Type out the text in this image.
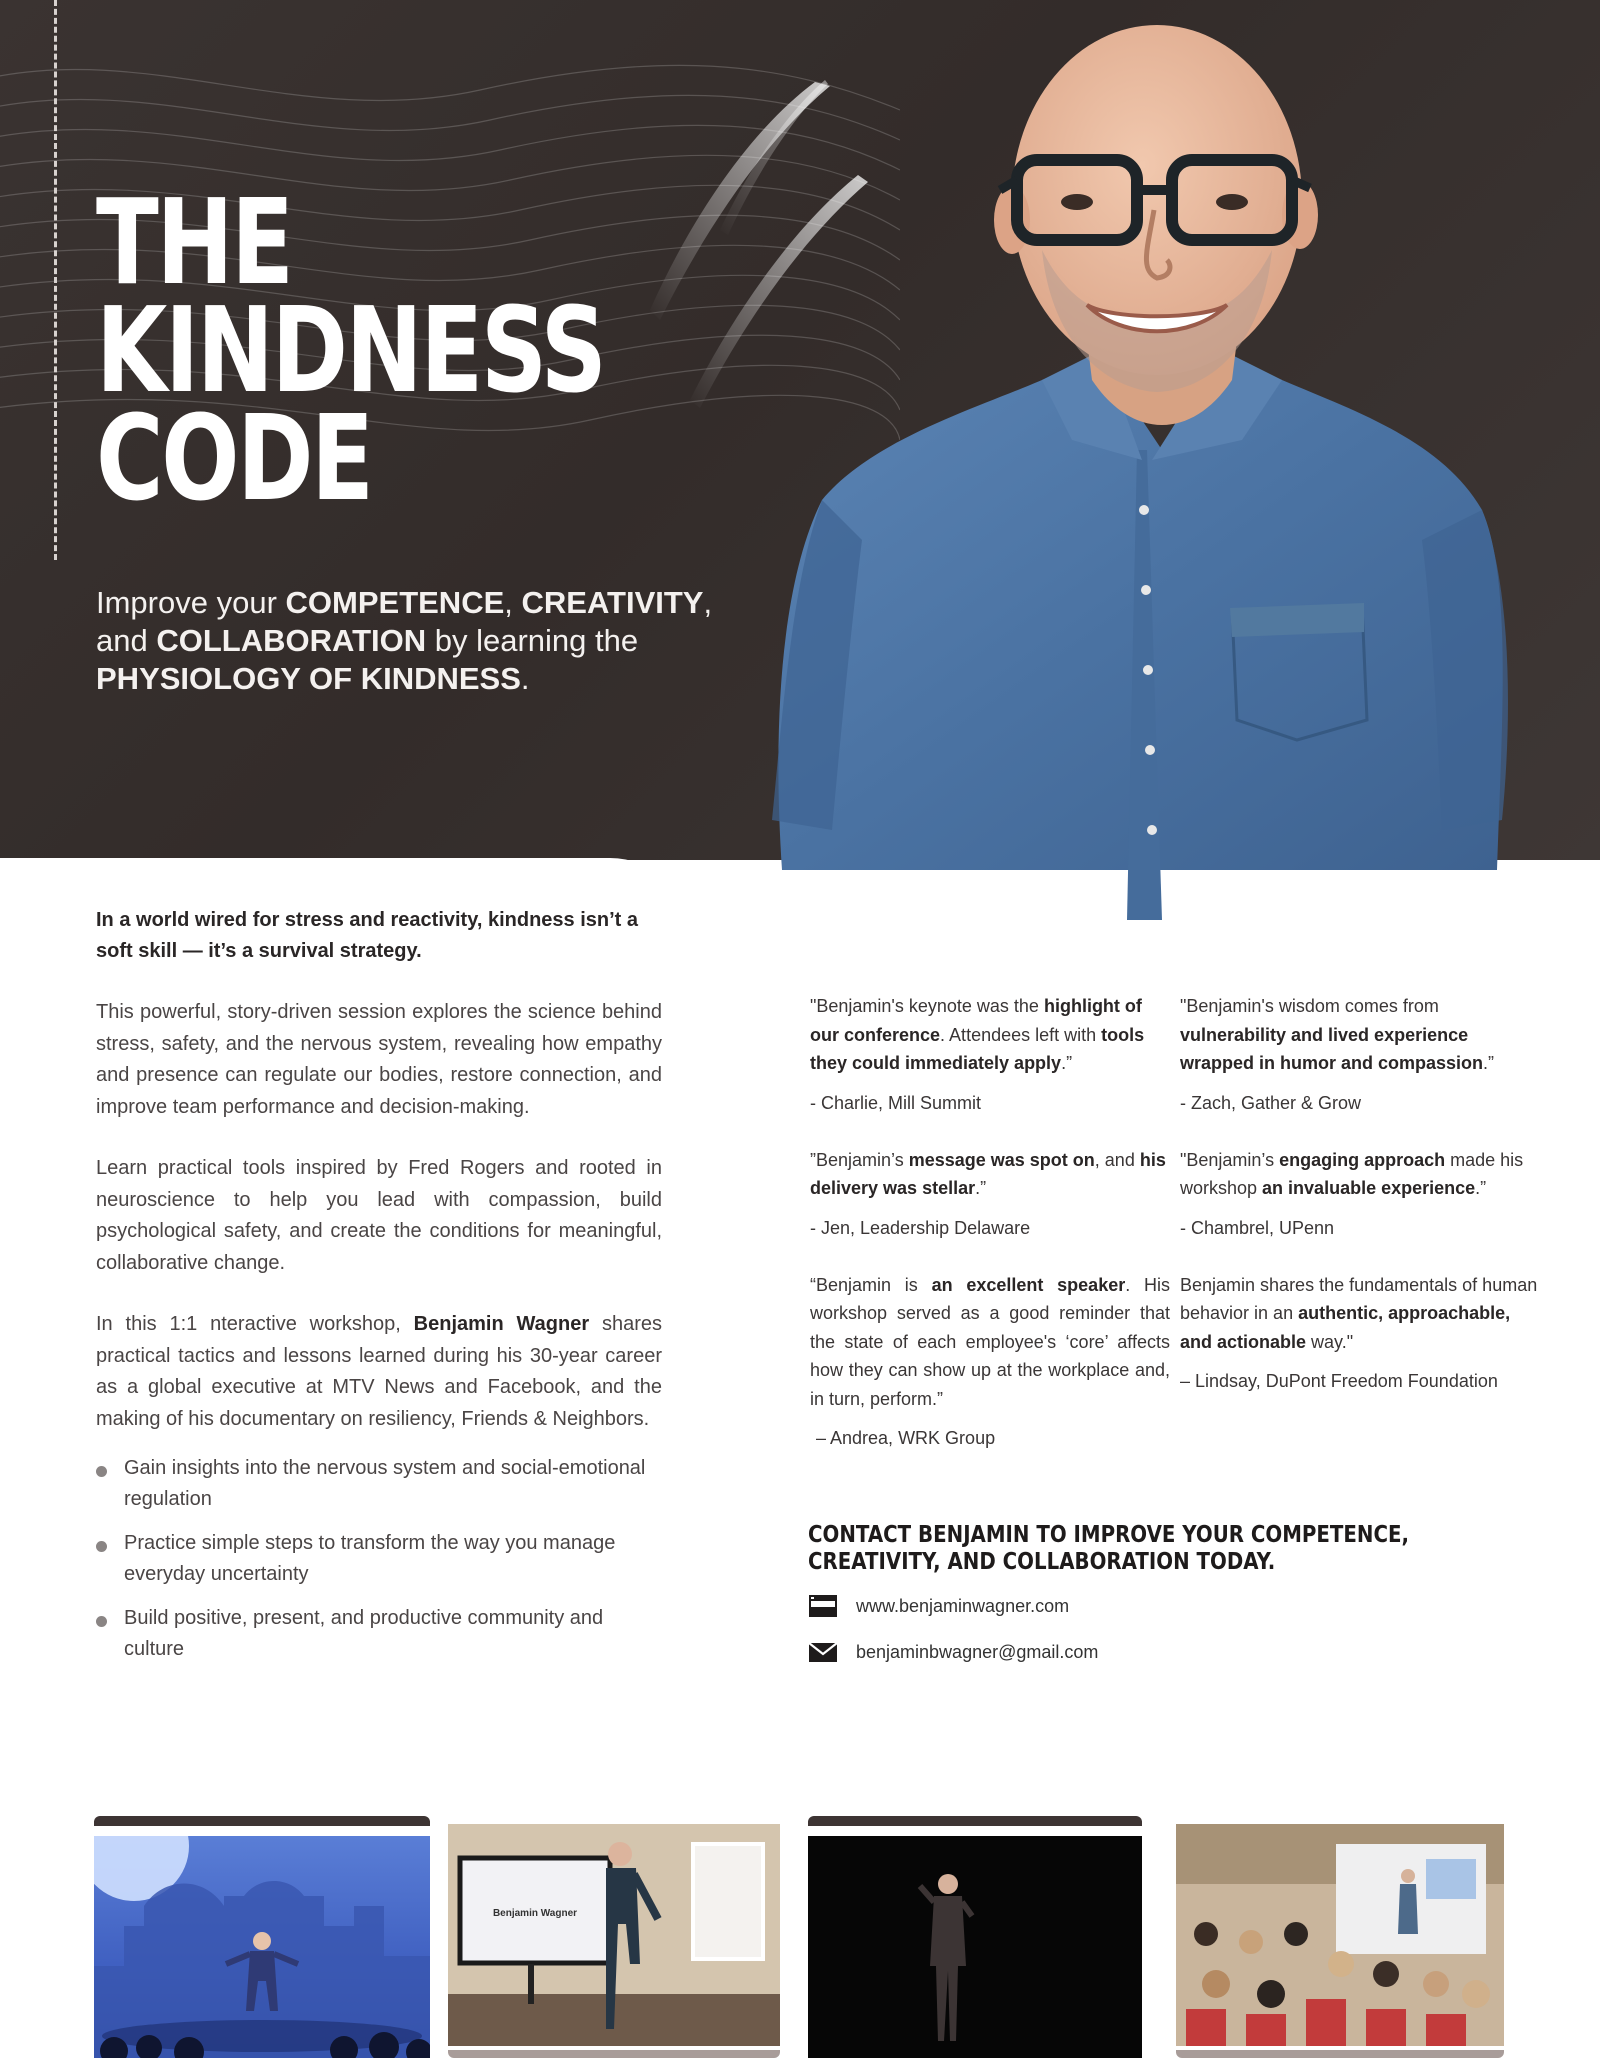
THE
KINDNESS
CODE
Improve your COMPETENCE, CREATIVITY, and COLLABORATION by learning the PHYSIOLOGY OF KINDNESS.

In a world wired for stress and reactivity, kindness isn’t a soft skill — it’s a survival strategy.

This powerful, story-driven session explores the science behind stress, safety, and the nervous system, revealing how empathy and presence can regulate our bodies, restore connection, and improve team performance and decision-making.

Learn practical tools inspired by Fred Rogers and rooted in neuroscience to help you lead with compassion, build psychological safety, and create the conditions for meaningful, collaborative change.

In this 1:1 nteractive workshop, Benjamin Wagner shares practical tactics and lessons learned during his 30-year career as a global executive at MTV News and Facebook, and the making of his documentary on resiliency, Friends & Neighbors.

Gain insights into the nervous system and social-emotional regulation
Practice simple steps to transform the way you manage everyday uncertainty
Build positive, present, and productive community and culture

"Benjamin's keynote was the highlight of our conference. Attendees left with tools they could immediately apply.”

- Charlie, Mill Summit

”Benjamin’s message was spot on, and his delivery was stellar.”

- Jen, Leadership Delaware

“Benjamin is an excellent speaker. His workshop served as a good reminder that the state of each employee's ‘core’ affects how they can show up at the workplace and, in turn, perform.”

– Andrea, WRK Group

"Benjamin's wisdom comes from vulnerability and lived experience wrapped in humor and compassion.”

- Zach, Gather & Grow

"Benjamin’s engaging approach made his workshop an invaluable experience.”

- Chambrel, UPenn

Benjamin shares the fundamentals of human behavior in an authentic, approachable, and actionable way."

– Lindsay, DuPont Freedom Foundation

CONTACT BENJAMIN TO IMPROVE YOUR COMPETENCE, CREATIVITY, AND COLLABORATION TODAY.
www.benjaminwagner.com
benjaminbwagner@gmail.com
Benjamin Wagner
